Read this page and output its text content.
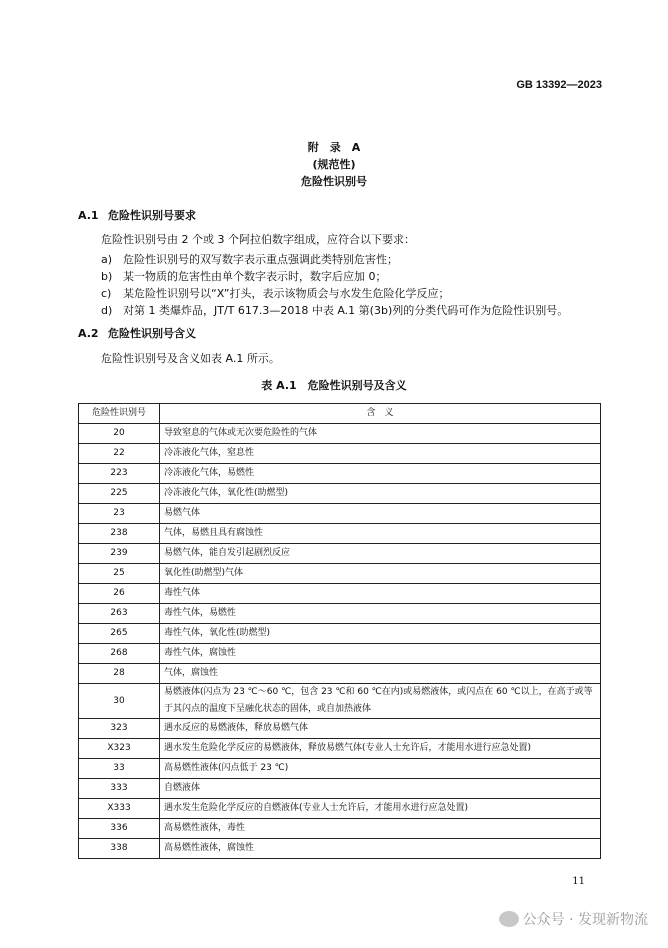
GB 13392—2023
附　录　A
(规范性)
危险性识别号
A.1 危险性识别号要求
危险性识别号由 2 个或 3 个阿拉伯数字组成，应符合以下要求：
a) 危险性识别号的双写数字表示重点强调此类特别危害性；
b) 某一物质的危害性由单个数字表示时，数字后应加 0；
c) 某危险性识别号以“X”打头，表示该物质会与水发生危险化学反应；
d) 对第 1 类爆炸品，JT/T 617.3—2018 中表 A.1 第(3b)列的分类代码可作为危险性识别号。
A.2 危险性识别号含义
危险性识别号及含义如表 A.1 所示。
表 A.1　危险性识别号及含义
危险性识别号	含　义
20	导致窒息的气体或无次要危险性的气体
22	冷冻液化气体，窒息性
223	冷冻液化气体，易燃性
225	冷冻液化气体，氧化性(助燃型)
23	易燃气体
238	气体，易燃且具有腐蚀性
239	易燃气体，能自发引起剧烈反应
25	氧化性(助燃型)气体
26	毒性气体
263	毒性气体，易燃性
265	毒性气体，氧化性(助燃型)
268	毒性气体，腐蚀性
28	气体，腐蚀性
30	易燃液体(闪点为 23 ℃～60 ℃，包含 23 ℃和 60 ℃在内)或易燃液体，或闪点在 60 ℃以上，在高于或等于其闪点的温度下呈融化状态的固体，或自加热液体
323	遇水反应的易燃液体，释放易燃气体
X323	遇水发生危险化学反应的易燃液体，释放易燃气体(专业人士允许后，才能用水进行应急处置)
33	高易燃性液体(闪点低于 23 ℃)
333	自燃液体
X333	遇水发生危险化学反应的自燃液体(专业人士允许后，才能用水进行应急处置)
336	高易燃性液体，毒性
338	高易燃性液体，腐蚀性
11
公众号 · 发现新物流
